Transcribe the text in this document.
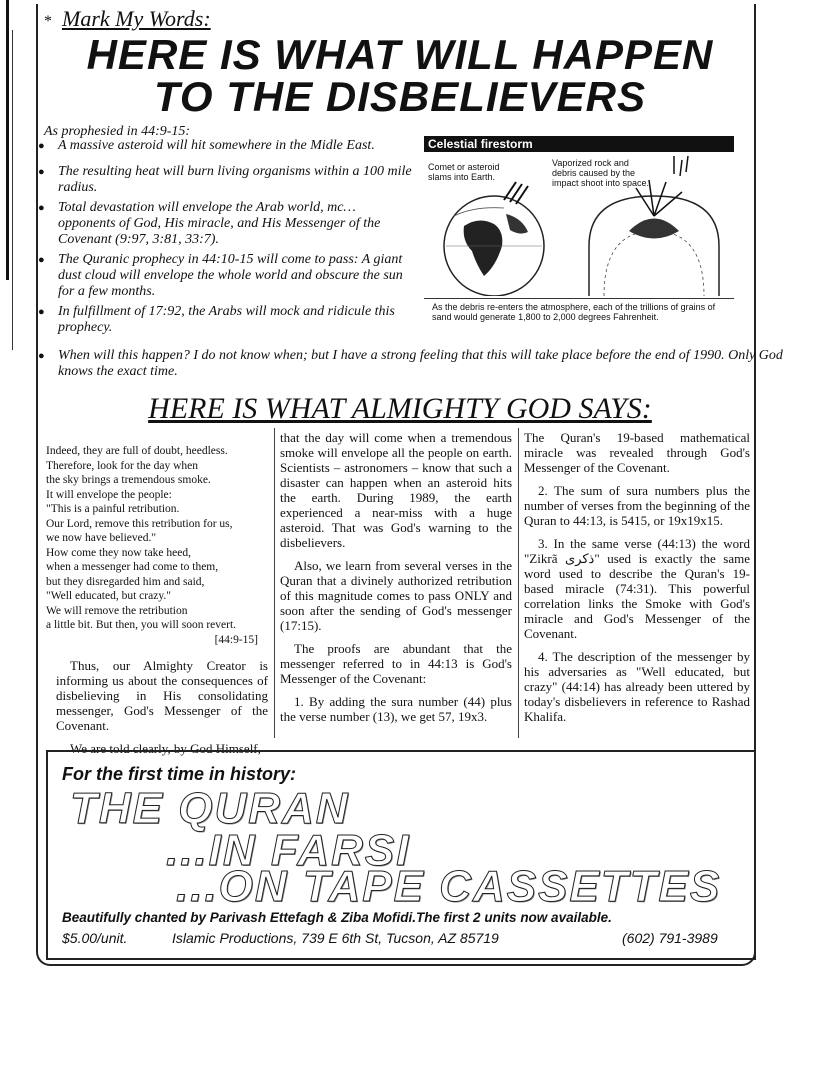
* Mark My Words:
HERE IS WHAT WILL HAPPEN
TO THE DISBELIEVERS
As prophesied in 44:9-15:
● A massive asteroid will hit somewhere in the Midle East.
● The resulting heat will burn living organisms within a 100 mile radius.
● Total devastation will envelope the Arab world, mc… opponents of God, His miracle, and His Messenger of the Covenant (9:97, 3:81, 33:7).
● The Quranic prophecy in 44:10-15 will come to pass: A giant dust cloud will envelope the whole world and obscure the sun for a few months.
● In fulfillment of 17:92, the Arabs will mock and ridicule this prophecy.
Celestial firestorm
Comet or asteroid slams into Earth.
Vaporized rock and debris caused by the impact shoot into space.
As the debris re-enters the atmosphere, each of the trillions of grains of sand would generate 1,800 to 2,000 degrees Fahrenheit.
● When will this happen? I do not know when; but I have a strong feeling that this will take place before the end of 1990. Only God knows the exact time.
HERE IS WHAT ALMIGHTY GOD SAYS:
Indeed, they are full of doubt, heedless.
Therefore, look for the day when
the sky brings a tremendous smoke.
It will envelope the people:
"This is a painful retribution.
Our Lord, remove this retribution for us,
we now have believed."
How come they now take heed,
when a messenger had come to them,
but they disregarded him and said,
"Well educated, but crazy."
We will remove the retribution
a little bit. But then, you will soon revert.
[44:9-15]

Thus, our Almighty Creator is informing us about the consequences of disbelieving in His consolidating messenger, God's Messenger of the Covenant.

We are told clearly, by God Himself,

that the day will come when a tremendous smoke will envelope all the people on earth. Scientists – astronomers – know that such a disaster can happen when an asteroid hits the earth. During 1989, the earth experienced a near-miss with a huge asteroid. That was God's warning to the disbelievers.

Also, we learn from several verses in the Quran that a divinely authorized retribution of this magnitude comes to pass ONLY and soon after the sending of God's messenger (17:15).

The proofs are abundant that the messenger referred to in 44:13 is God's Messenger of the Covenant:

1. By adding the sura number (44) plus the verse number (13), we get 57, 19x3.

The Quran's 19-based mathematical miracle was revealed through God's Messenger of the Covenant.

2. The sum of sura numbers plus the number of verses from the beginning of the Quran to 44:13, is 5415, or 19x19x15.

3. In the same verse (44:13) the word "Zikrã ذكرى" used is exactly the same word used to describe the Quran's 19-based miracle (74:31). This powerful correlation links the Smoke with God's miracle and God's Messenger of the Covenant.

4. The description of the messenger by his adversaries as "Well educated, but crazy" (44:14) has already been uttered by today's disbelievers in reference to Rashad Khalifa.

For the first time in history:
THE QURAN
...IN FARSI
...ON TAPE CASSETTES
Beautifully chanted by Parivash Ettefagh & Ziba Mofidi.The first 2 units now available.
$5.00/unit.	Islamic Productions, 739 E 6th St, Tucson, AZ 85719	(602) 791-3989
